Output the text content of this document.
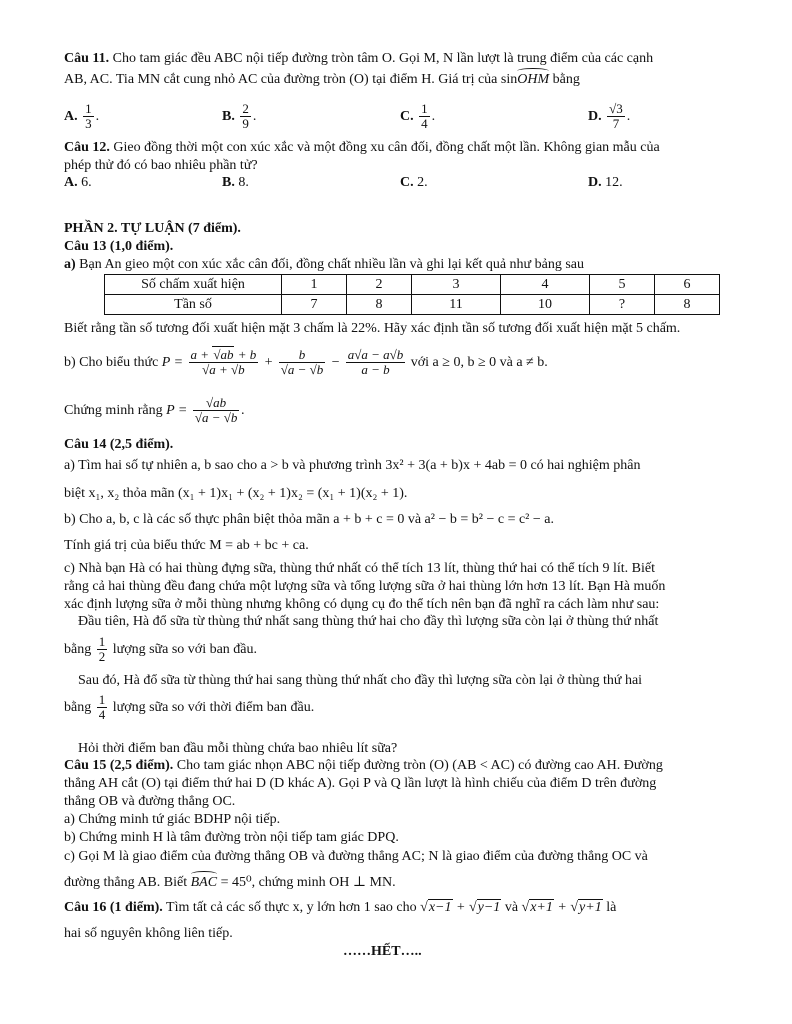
Câu 11. Cho tam giác đều ABC nội tiếp đường tròn tâm O. Gọi M, N lần lượt là trung điểm của các cạnh
AB, AC. Tia MN cắt cung nhỏ AC của đường tròn (O) tại điểm H. Giá trị của sinOHM bằng
A. $\frac{1}{3}$ .	B. $\frac{2}{9}$ .	C. $\frac{1}{4}$ .	D. $\frac{√3}{7}$ .
Câu 12. Gieo đồng thời một con xúc xắc và một đồng xu cân đối, đồng chất một lần. Không gian mẫu của
phép thử đó có bao nhiêu phần tử?
A. 6.	B. 8.	C. 2.	D. 12.
PHẦN 2. TỰ LUẬN (7 điểm).
Câu 13 (1,0 điểm).
a) Bạn An gieo một con xúc xắc cân đối, đồng chất nhiều lần và ghi lại kết quả như bảng sau
Số chấm xuất hiện	1	2	3	4	5	6
Tần số	7	8	11	10	?	8
Biết rằng tần số tương đối xuất hiện mặt 3 chấm là 22%. Hãy xác định tần số tương đối xuất hiện mặt 5 chấm.
b) Cho biểu thức $P = \frac{a + √ab + b}{√a + √b} + \frac{b}{√a - √b} - \frac{a√a - a√b}{a - b}$ với a ≥ 0, b ≥ 0 và a ≠ b.
Chứng minh rằng $P = \frac{√ab}{√a - √b}$ .
Câu 14 (2,5 điểm).
a) Tìm hai số tự nhiên a, b sao cho a > b và phương trình 3x² + 3(a + b)x + 4ab = 0 có hai nghiệm phân
biệt x₁, x₂ thỏa mãn (x₁ + 1)x₁ + (x₂ + 1)x₂ = (x₁ + 1)(x₂ + 1).
b) Cho a, b, c là các số thực phân biệt thỏa mãn a + b + c = 0 và a² − b = b² − c = c² − a.
Tính giá trị của biểu thức M = ab + bc + ca.
c) Nhà bạn Hà có hai thùng đựng sữa, thùng thứ nhất có thể tích 13 lít, thùng thứ hai có thể tích 9 lít. Biết
rằng cả hai thùng đều đang chứa một lượng sữa và tổng lượng sữa ở hai thùng lớn hơn 13 lít. Bạn Hà muốn
xác định lượng sữa ở mỗi thùng nhưng không có dụng cụ đo thể tích nên bạn đã nghĩ ra cách làm như sau:
Đầu tiên, Hà đổ sữa từ thùng thứ nhất sang thùng thứ hai cho đầy thì lượng sữa còn lại ở thùng thứ nhất
bằng $\frac{1}{2}$ lượng sữa so với ban đầu.
Sau đó, Hà đổ sữa từ thùng thứ hai sang thùng thứ nhất cho đầy thì lượng sữa còn lại ở thùng thứ hai
bằng $\frac{1}{4}$ lượng sữa so với thời điểm ban đầu.
Hỏi thời điểm ban đầu mỗi thùng chứa bao nhiêu lít sữa?
Câu 15 (2,5 điểm). Cho tam giác nhọn ABC nội tiếp đường tròn (O) (AB < AC) có đường cao AH. Đường
thẳng AH cắt (O) tại điểm thứ hai D (D khác A). Gọi P và Q lần lượt là hình chiếu của điểm D trên đường
thẳng OB và đường thẳng OC.
a) Chứng minh tứ giác BDHP nội tiếp.
b) Chứng minh H là tâm đường tròn nội tiếp tam giác DPQ.
c) Gọi M là giao điểm của đường thẳng OB và đường thẳng AC; N là giao điểm của đường thẳng OC và
đường thẳng AB. Biết BAC = 45⁰, chứng minh OH ⊥ MN.
Câu 16 (1 điểm). Tìm tất cả các số thực x, y lớn hơn 1 sao cho √x−1 + √y−1 và √x+1 + √y+1 là
hai số nguyên không liên tiếp.
……HẾT…..
